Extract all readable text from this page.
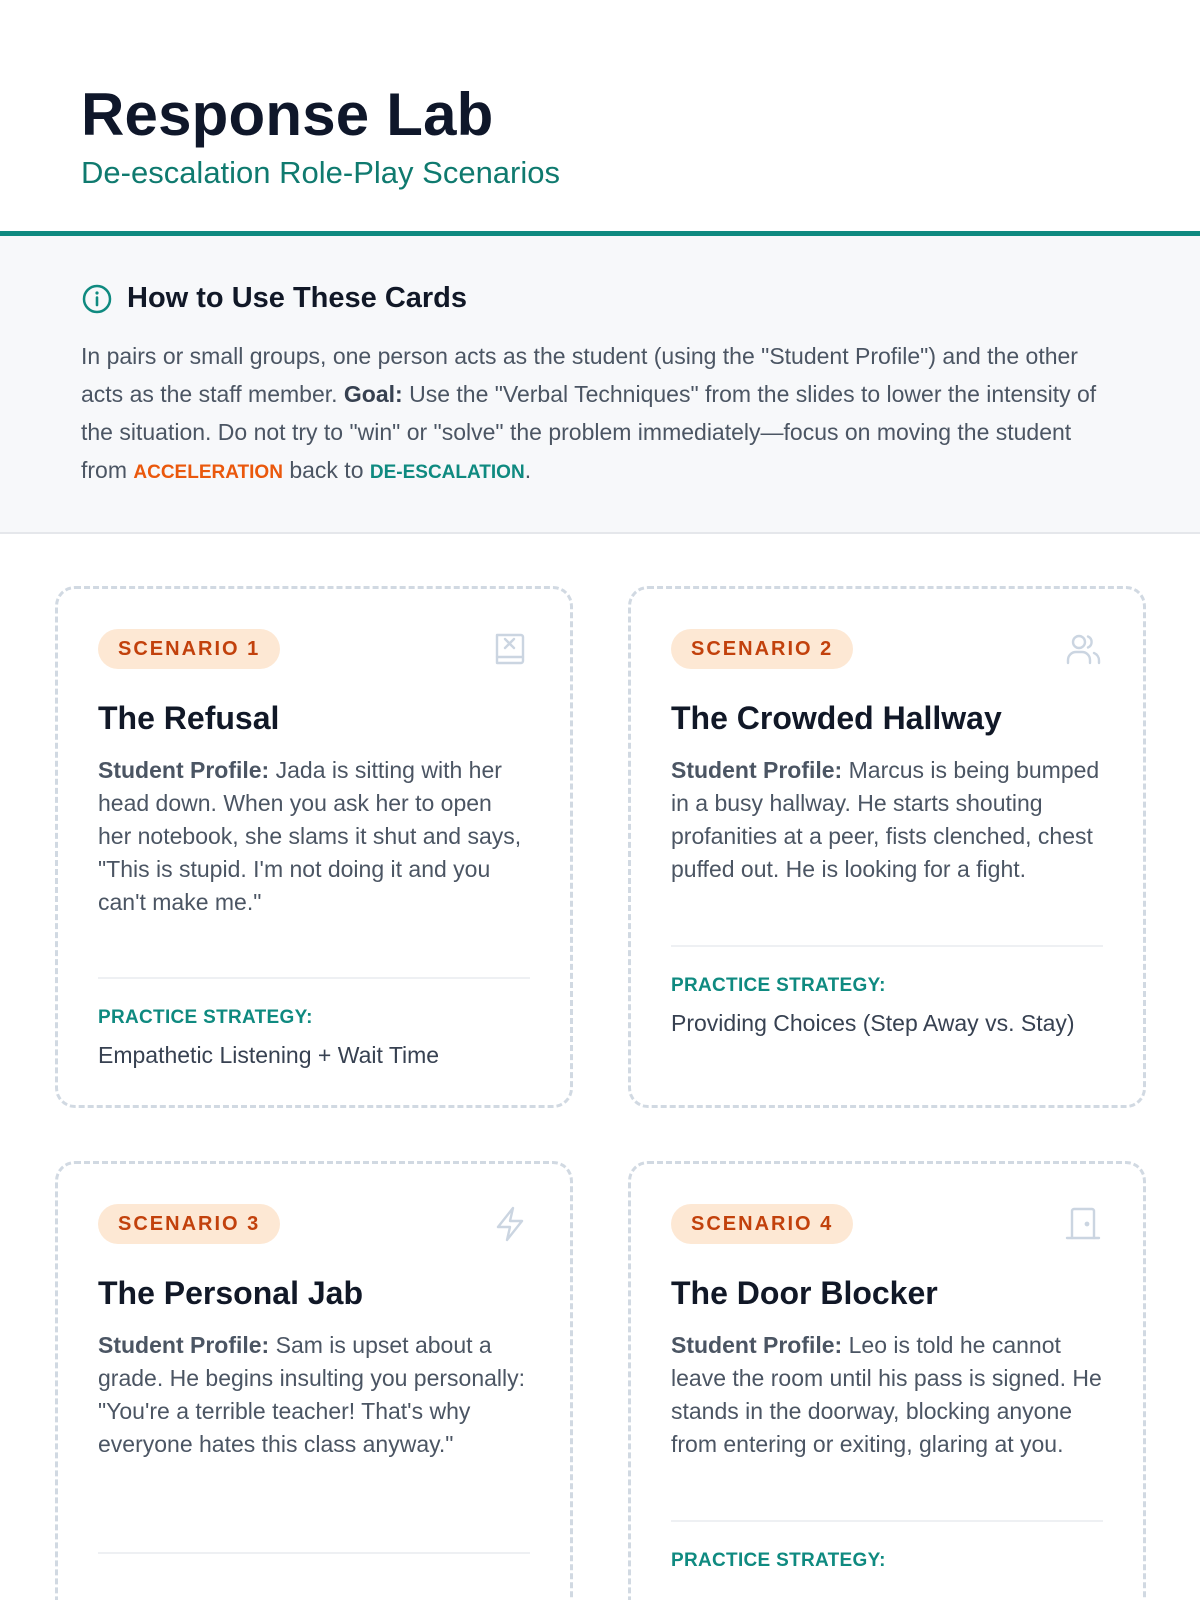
Response Lab
De-escalation Role-Play Scenarios
How to Use These Cards

In pairs or small groups, one person acts as the student (using the "Student Profile") and the other acts as the staff member. Goal: Use the "Verbal Techniques" from the slides to lower the intensity of the situation. Do not try to "win" or "solve" the problem immediately—focus on moving the student from ACCELERATION back to DE-ESCALATION.

SCENARIO 1
The Refusal

Student Profile: Jada is sitting with her head down. When you ask her to open her notebook, she slams it shut and says, "This is stupid. I'm not doing it and you can't make me."

PRACTICE STRATEGY:
Empathetic Listening + Wait Time
SCENARIO 2
The Crowded Hallway

Student Profile: Marcus is being bumped in a busy hallway. He starts shouting profanities at a peer, fists clenched, chest puffed out. He is looking for a fight.

PRACTICE STRATEGY:
Providing Choices (Step Away vs. Stay)
SCENARIO 3
The Personal Jab

Student Profile: Sam is upset about a grade. He begins insulting you personally: "You're a terrible teacher! That's why everyone hates this class anyway."

SCENARIO 4
The Door Blocker

Student Profile: Leo is told he cannot leave the room until his pass is signed. He stands in the doorway, blocking anyone from entering or exiting, glaring at you.

PRACTICE STRATEGY:
